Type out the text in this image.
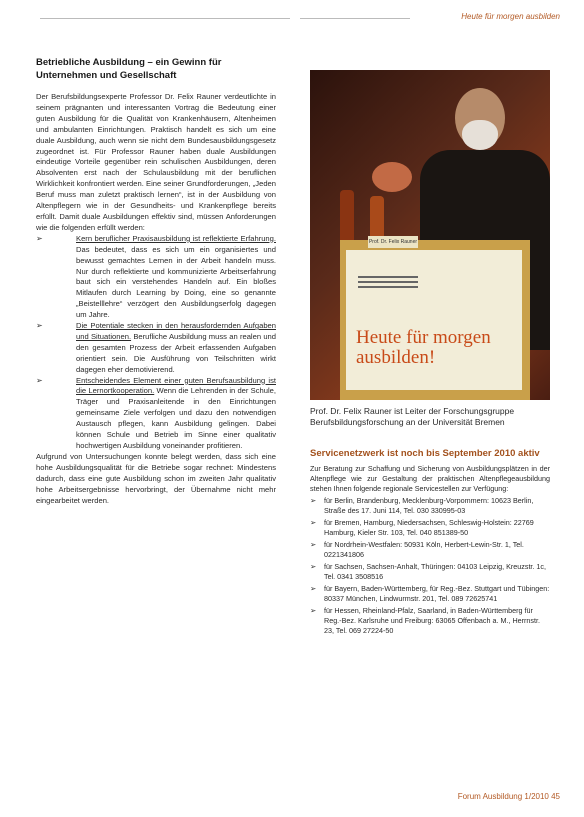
Heute für morgen ausbilden
Betriebliche Ausbildung – ein Gewinn für Unternehmen und Gesellschaft

Der Berufsbildungsexperte Professor Dr. Felix Rauner verdeutlichte in seinem prägnanten und interessanten Vortrag die Bedeutung einer guten Ausbildung für die Qualität von Krankenhäusern, Altenheimen und ambulanten Einrichtungen. Praktisch handelt es sich um eine duale Ausbildung, auch wenn sie nicht dem Bundesausbildungsgesetz zugeordnet ist. Für Professor Rauner haben duale Ausbildungen eindeutige Vorteile gegenüber rein schulischen Ausbildungen, deren Absolventen erst nach der Schulausbildung mit der beruflichen Wirklichkeit konfrontiert werden. Eine seiner Grundforderungen, „Jeden Beruf muss man zuletzt praktisch lernen“, ist in der Ausbildung von Altenpflegern wie in der Gesundheits- und Krankenpflege bereits erfüllt. Damit duale Ausbildungen effektiv sind, müssen Anforderungen wie die folgenden erfüllt werden:

➢	Kern beruflicher Praxisausbildung ist reflektierte Erfahrung. Das bedeutet, dass es sich um ein organisiertes und bewusst gemachtes Lernen in der Arbeit handeln muss. Nur durch reflektierte und kommunizierte Arbeitserfahrung baut sich ein verstehendes Handeln auf. Ein bloßes Mitlaufen durch Learning by Doing, eine so genannte „Beistelllehre“ verzögert den Ausbildungserfolg dagegen um Jahre.
➢	Die Potentiale stecken in den herausfordernden Aufgaben und Situationen. Berufliche Ausbildung muss an realen und den gesamten Prozess der Arbeit erfassenden Aufgaben orientiert sein. Die Ausführung von Teilschritten wirkt dagegen eher demotivierend.
➢	Entscheidendes Element einer guten Berufsausbildung ist die Lernortkooperation. Wenn die Lehrenden in der Schule, Träger und Praxisanleitende in den Einrichtungen gemeinsame Ziele verfolgen und dazu den notwendigen Austausch pflegen, kann Ausbildung gelingen. Dabei können Schule und Betrieb im Sinne einer qualitativ hochwertigen Ausbildung voneinander profitieren.

Aufgrund von Untersuchungen konnte belegt werden, dass sich eine hohe Ausbildungsqualität für die Betriebe sogar rechnet: Mindestens dadurch, dass eine gute Ausbildung schon im zweiten Jahr qualitativ hohe Arbeitsergebnisse hervorbringt, der Übernahme nicht mehr eingearbeitet werden.

Prof. Dr. Felix Rauner
Heute für morgen ausbilden!
Prof. Dr. Felix Rauner ist Leiter der Forschungsgruppe Berufsbildungsforschung an der Universität Bremen
Servicenetzwerk ist noch bis September 2010 aktiv

Zur Beratung zur Schaffung und Sicherung von Ausbildungsplätzen in der Altenpflege wie zur Gestaltung der praktischen Altenpflegeausbildung stehen Ihnen folgende regionale Servicestellen zur Verfügung:

➢ für Berlin, Brandenburg, Mecklenburg-Vorpommern: 10623 Berlin, Straße des 17. Juni 114, Tel. 030 330995-03
➢ für Bremen, Hamburg, Niedersachsen, Schleswig-Holstein: 22769 Hamburg, Kieler Str. 103, Tel. 040 851389-50
➢ für Nordrhein-Westfalen: 50931 Köln, Herbert-Lewin-Str. 1, Tel. 0221341806
➢ für Sachsen, Sachsen-Anhalt, Thüringen: 04103 Leipzig, Kreuzstr. 1c, Tel. 0341 3508516
➢ für Bayern, Baden-Württemberg, für Reg.-Bez. Stuttgart und Tübingen: 80337 München, Lindwurmstr. 201, Tel. 089 72625741
➢ für Hessen, Rheinland-Pfalz, Saarland, in Baden-Württemberg für Reg.-Bez. Karlsruhe und Freiburg: 63065 Offenbach a. M., Herrnstr. 23, Tel. 069 27224-50
Forum Ausbildung 1/2010 45
